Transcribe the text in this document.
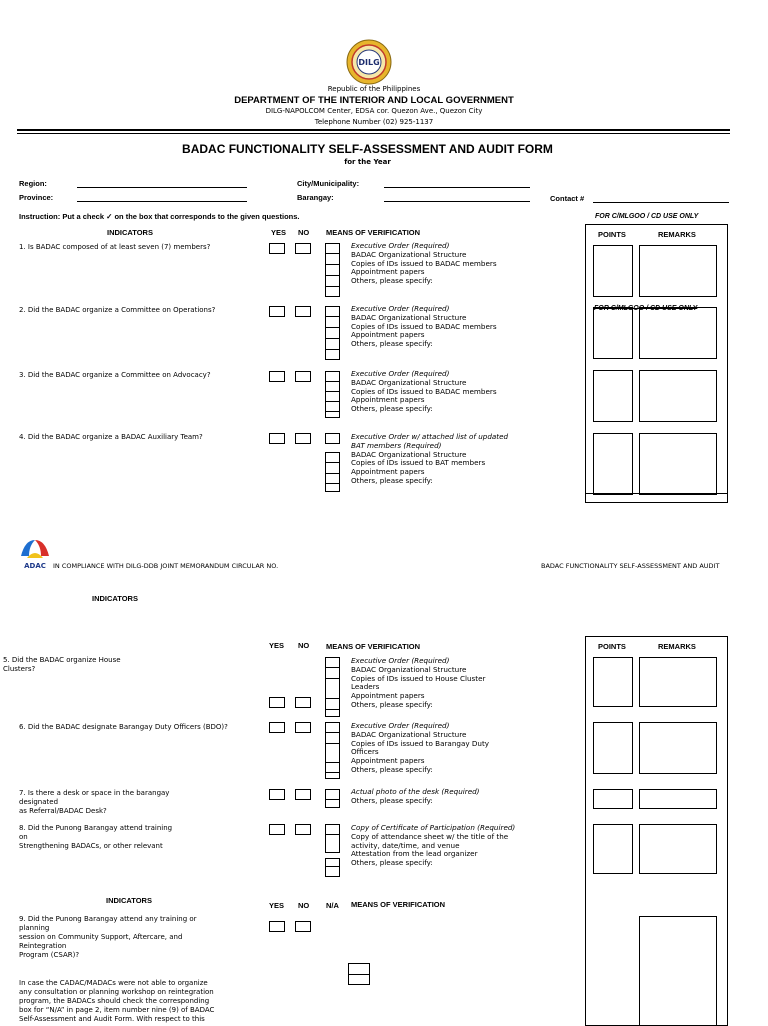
DILG
Republic of the Philippines
DEPARTMENT OF THE INTERIOR AND LOCAL GOVERNMENT
DILG-NAPOLCOM Center, EDSA cor. Quezon Ave., Quezon City
Telephone Number (02) 925-1137
BADAC FUNCTIONALITY SELF-ASSESSMENT AND AUDIT FORM
for the Year
Region:
Province:
City/Municipality:
Barangay:	Contact #
Instruction: Put a check ✓ on the box that corresponds to the given questions.	FOR C/MLGOO / CD USE ONLY
INDICATORS	YES NO MEANS OF VERIFICATION	POINTS	REMARKS
FOR C/MLGOO / CD USE ONLY
1. Is BADAC composed of at least seven (7) members?	Executive Order (Required)
BADAC Organizational Structure
Copies of IDs issued to BADAC members
Appointment papers
Others, please specify:
2. Did the BADAC organize a Committee on Operations?	Executive Order (Required)
BADAC Organizational Structure
Copies of IDs issued to BADAC members
Appointment papers
Others, please specify:
3. Did the BADAC organize a Committee on Advocacy?	Executive Order (Required)
BADAC Organizational Structure
Copies of IDs issued to BADAC members
Appointment papers
Others, please specify:
4. Did the BADAC organize a BADAC Auxiliary Team?	Executive Order w/ attached list of updated
BAT members (Required)
BADAC Organizational Structure
Copies of IDs issued to BAT members
Appointment papers
Others, please specify:
ADAC IN COMPLIANCE WITH DILG-DDB JOINT MEMORANDUM CIRCULAR NO.	BADAC FUNCTIONALITY SELF-ASSESSMENT AND AUDIT
INDICATORS
YES NO MEANS OF VERIFICATION	POINTS	REMARKS
5. Did the BADAC organize House
Clusters?
Executive Order (Required)
BADAC Organizational Structure
Copies of IDs issued to House Cluster
Leaders
Appointment papers
Others, please specify:
6. Did the BADAC designate Barangay Duty Officers (BDO)?	Executive Order (Required)
BADAC Organizational Structure
Copies of IDs issued to Barangay Duty
Officers
Appointment papers
Others, please specify:
7. Is there a desk or space in the barangay
designated
as Referral/BADAC Desk?
Actual photo of the desk (Required)
Others, please specify:
8. Did the Punong Barangay attend training
on
Strengthening BADACs, or other relevant
Copy of Certificate of Participation (Required)
Copy of attendance sheet w/ the title of the
activity, date/time, and venue
Attestation from the lead organizer
Others, please specify:
INDICATORS
YES NO N/A MEANS OF VERIFICATION
9. Did the Punong Barangay attend any training or
planning
session on Community Support, Aftercare, and
Reintegration
Program (CSAR)?
In case the CADAC/MADACs were not able to organize
any consultation or planning workshop on reintegration
program, the BADACs should check the corresponding
box for “N/A” in page 2, item number nine (9) of BADAC
Self-Assessment and Audit Form. With respect to this
